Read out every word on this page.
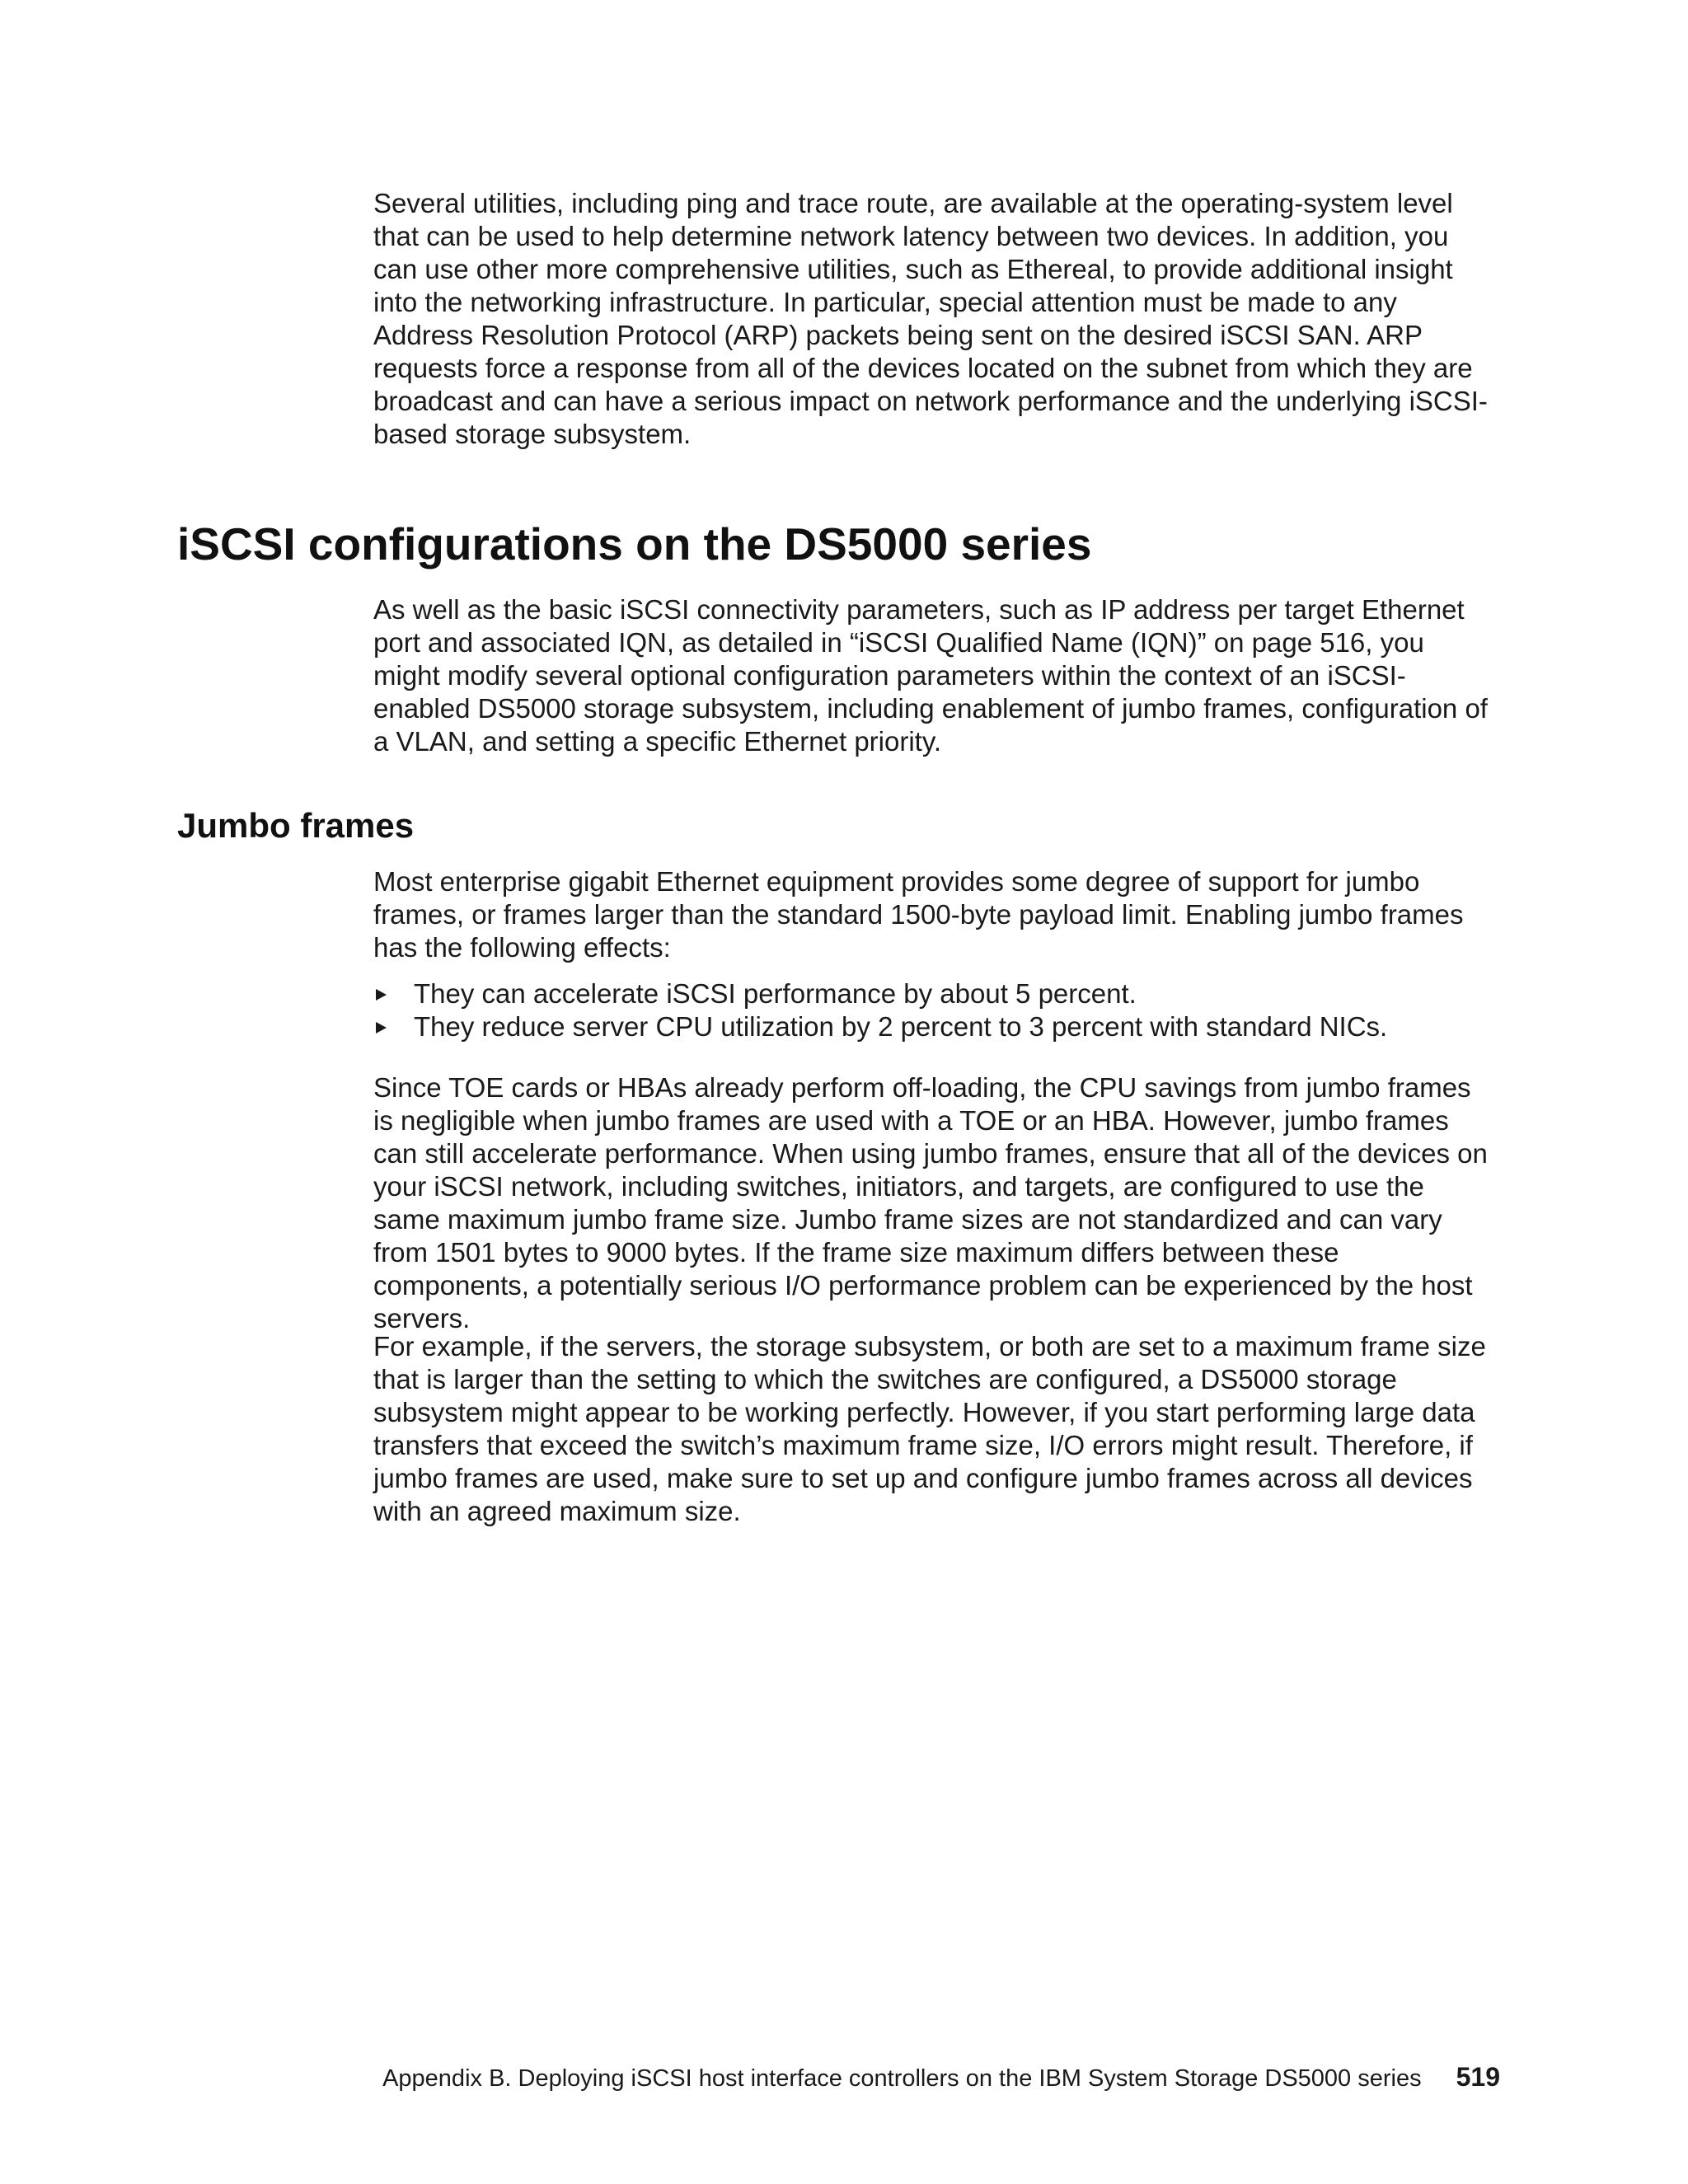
Several utilities, including ping and trace route, are available at the operating-system level that can be used to help determine network latency between two devices. In addition, you can use other more comprehensive utilities, such as Ethereal, to provide additional insight into the networking infrastructure. In particular, special attention must be made to any Address Resolution Protocol (ARP) packets being sent on the desired iSCSI SAN. ARP requests force a response from all of the devices located on the subnet from which they are broadcast and can have a serious impact on network performance and the underlying iSCSI-based storage subsystem.

iSCSI configurations on the DS5000 series

As well as the basic iSCSI connectivity parameters, such as IP address per target Ethernet port and associated IQN, as detailed in “iSCSI Qualified Name (IQN)” on page 516, you might modify several optional configuration parameters within the context of an iSCSI-enabled DS5000 storage subsystem, including enablement of jumbo frames, configuration of a VLAN, and setting a specific Ethernet priority.

Jumbo frames

Most enterprise gigabit Ethernet equipment provides some degree of support for jumbo frames, or frames larger than the standard 1500-byte payload limit. Enabling jumbo frames has the following effects:

They can accelerate iSCSI performance by about 5 percent.
They reduce server CPU utilization by 2 percent to 3 percent with standard NICs.

Since TOE cards or HBAs already perform off-loading, the CPU savings from jumbo frames is negligible when jumbo frames are used with a TOE or an HBA. However, jumbo frames can still accelerate performance. When using jumbo frames, ensure that all of the devices on your iSCSI network, including switches, initiators, and targets, are configured to use the same maximum jumbo frame size. Jumbo frame sizes are not standardized and can vary from 1501 bytes to 9000 bytes. If the frame size maximum differs between these components, a potentially serious I/O performance problem can be experienced by the host servers.

For example, if the servers, the storage subsystem, or both are set to a maximum frame size that is larger than the setting to which the switches are configured, a DS5000 storage subsystem might appear to be working perfectly. However, if you start performing large data transfers that exceed the switch’s maximum frame size, I/O errors might result. Therefore, if jumbo frames are used, make sure to set up and configure jumbo frames across all devices with an agreed maximum size.

Appendix B. Deploying iSCSI host interface controllers on the IBM System Storage DS5000 series 519
